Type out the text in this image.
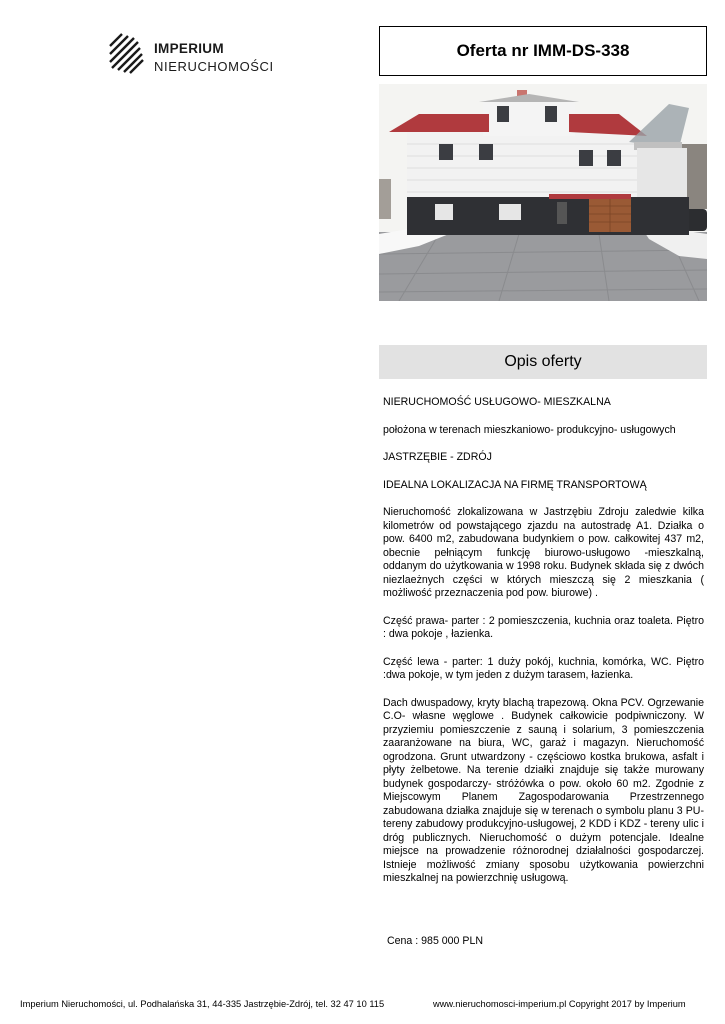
IMPERIUM
NIERUCHOMOŚCI
Oferta nr IMM-DS-338
Opis oferty

NIERUCHOMOŚĆ USŁUGOWO- MIESZKALNA

położona w terenach mieszkaniowo- produkcyjno- usługowych

JASTRZĘBIE - ZDRÓJ

IDEALNA LOKALIZACJA NA FIRMĘ TRANSPORTOWĄ

Nieruchomość zlokalizowana w Jastrzębiu Zdroju zaledwie kilka kilometrów od powstającego zjazdu na autostradę A1. Działka o pow. 6400 m2, zabudowana budynkiem o pow. całkowitej 437 m2, obecnie pełniącym funkcję biurowo-usługowo -mieszkalną, oddanym do użytkowania w 1998 roku. Budynek składa się z dwóch niezlaeżnych części w których mieszczą się 2 mieszkania ( możliwość przeznaczenia pod pow. biurowe) .

Część prawa- parter : 2 pomieszczenia, kuchnia oraz toaleta. Piętro : dwa pokoje , łazienka.

Część lewa - parter: 1 duży pokój, kuchnia, komórka, WC. Piętro :dwa pokoje, w tym jeden z dużym tarasem, łazienka.

Dach dwuspadowy, kryty blachą trapezową. Okna PCV. Ogrzewanie C.O- własne węglowe . Budynek całkowicie podpiwniczony. W przyziemiu pomieszczenie z sauną i solarium, 3 pomieszczenia zaaranżowane na biura, WC, garaż i magazyn. Nieruchomość ogrodzona. Grunt utwardzony - częściowo kostka brukowa, asfalt i płyty żelbetowe. Na terenie działki znajduje się także murowany budynek gospodarczy- stróżówka o pow. około 60 m2. Zgodnie z Miejscowym Planem Zagospodarowania Przestrzennego zabudowana działka znajduje się w terenach o symbolu planu 3 PU- tereny zabudowy produkcyjno-usługowej, 2 KDD i KDZ - tereny ulic i dróg publicznych. Nieruchomość o dużym potencjale. Idealne miejsce na prowadzenie różnorodnej działalności gospodarczej. Istnieje możliwość zmiany sposobu użytkowania powierzchni mieszkalnej na powierzchnię usługową.

Cena : 985 000 PLN
Imperium Nieruchomości, ul. Podhalańska 31, 44-335 Jastrzębie-Zdrój, tel. 32 47 10 115	www.nieruchomosci-imperium.pl Copyright 2017 by Imperium
